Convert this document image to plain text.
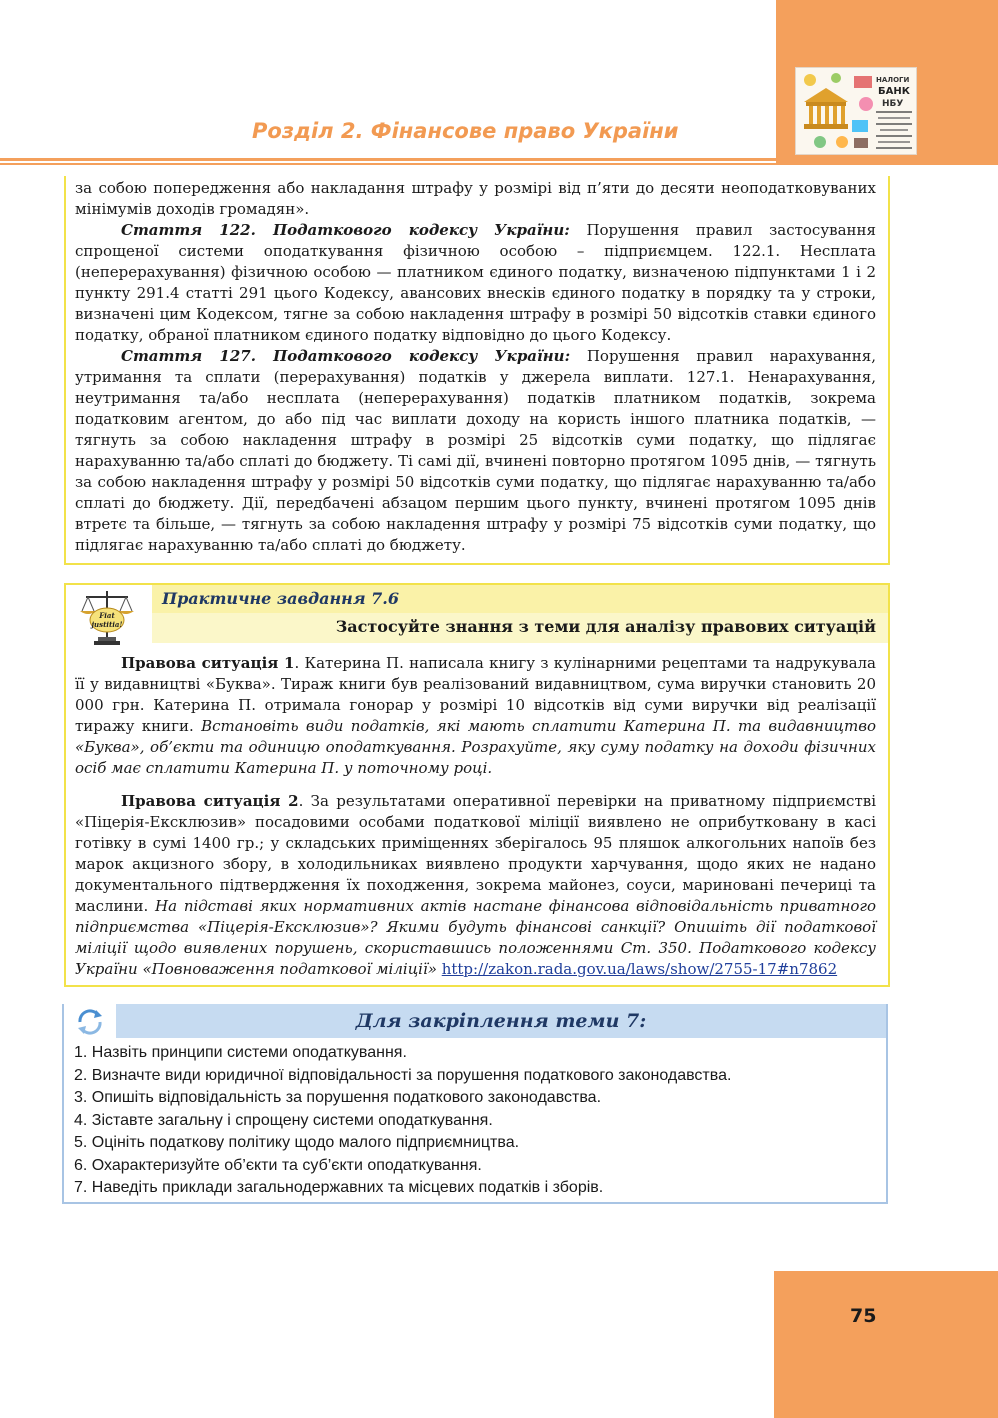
Розділ 2. Фінансове право України
НАЛОГИ
БАНК
НБУ

за собою попередження або накладання штрафу у розмірі від п’яти до десяти неоподатковуваних мінімумів доходів громадян».

Стаття 122. Податкового кодексу України: Порушення правил застосування спрощеної системи оподаткування фізичною особою – підприємцем. 122.1. Несплата (неперерахування) фізичною особою — платником єдиного податку, визначеною підпунктами 1 і 2 пункту 291.4 статті 291 цього Кодексу, авансових внесків єдиного податку в порядку та у строки, визначені цим Кодексом, тягне за собою накладення штрафу в розмірі 50 відсотків ставки єдиного податку, обраної платником єдиного податку відповідно до цього Кодексу.

Стаття 127. Податкового кодексу України: Порушення правил нарахування, утримання та сплати (перерахування) податків у джерела виплати. 127.1. Ненарахування, неутримання та/або несплата (неперерахування) податків платником податків, зокрема податковим агентом, до або під час виплати доходу на користь іншого платника податків, — тягнуть за собою накладення штрафу в розмірі 25 відсотків суми податку, що підлягає нарахуванню та/або сплаті до бюджету. Ті самі дії, вчинені повторно протягом 1095 днів, — тягнуть за собою накладення штрафу у розмірі 50 відсотків суми податку, що підлягає нарахуванню та/або сплаті до бюджету. Дії, передбачені абзацом першим цього пункту, вчинені протягом 1095 днів втретє та більше, — тягнуть за собою накладення штрафу у розмірі 75 відсотків суми податку, що підлягає нарахуванню та/або сплаті до бюджету.

Fiat
justitia!
Практичне завдання 7.6
Застосуйте знання з теми для аналізу правових ситуацій

Правова ситуація 1. Катерина П. написала книгу з кулінарними рецептами та надрукувала її у видавництві «Буква». Тираж книги був реалізований видавництвом, сума виручки становить 20 000 грн. Катерина П. отримала гонорар у розмірі 10 відсотків від суми виручки від реалізації тиражу книги. Встановіть види податків, які мають сплатити Катерина П. та видавництво «Буква», об’єкти та одиницю оподаткування. Розрахуйте, яку суму податку на доходи фізичних осіб має сплатити Катерина П. у поточному році.

Правова ситуація 2. За результатами оперативної перевірки на приватному підприємстві «Піцерія-Ексклюзив» посадовими особами податкової міліції виявлено не оприбутковану в касі готівку в сумі 1400 гр.; у складських приміщеннях зберігалось 95 пляшок алкогольних напоїв без марок акцизного збору, в холодильниках виявлено продукти харчування, щодо яких не надано документального підтвердження їх походження, зокрема майонез, соуси, мариновані печериці та маслини. На підставі яких нормативних актів настане фінансова відповідальність приватного підприємства «Піцерія-Ексклюзив»? Якими будуть фінансові санкції? Опишіть дії податкової міліції щодо виявлених порушень, скориставшись положеннями Ст. 350. Податкового кодексу України «Повноваження податкової міліції» http://zakon.rada.gov.ua/laws/show/2755-17#n7862

Для закріплення теми 7:
1. Назвіть принципи системи оподаткування.
2. Визначте види юридичної відповідальності за порушення податкового законодавства.
3. Опишіть відповідальність за порушення податкового законодавства.
4. Зіставте загальну і спрощену системи оподаткування.
5. Оцініть податкову політику щодо малого підприємництва.
6. Охарактеризуйте об’єкти та суб’єкти оподаткування.
7. Наведіть приклади загальнодержавних та місцевих податків і зборів.
75
